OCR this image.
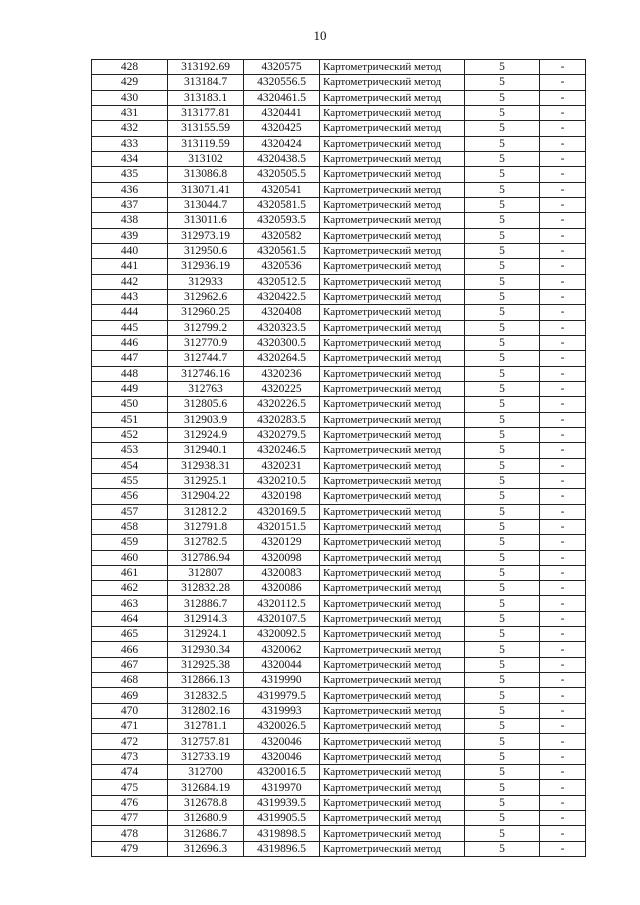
10
428	313192.69	4320575	Картометрический метод	5	-
429	313184.7	4320556.5	Картометрический метод	5	-
430	313183.1	4320461.5	Картометрический метод	5	-
431	313177.81	4320441	Картометрический метод	5	-
432	313155.59	4320425	Картометрический метод	5	-
433	313119.59	4320424	Картометрический метод	5	-
434	313102	4320438.5	Картометрический метод	5	-
435	313086.8	4320505.5	Картометрический метод	5	-
436	313071.41	4320541	Картометрический метод	5	-
437	313044.7	4320581.5	Картометрический метод	5	-
438	313011.6	4320593.5	Картометрический метод	5	-
439	312973.19	4320582	Картометрический метод	5	-
440	312950.6	4320561.5	Картометрический метод	5	-
441	312936.19	4320536	Картометрический метод	5	-
442	312933	4320512.5	Картометрический метод	5	-
443	312962.6	4320422.5	Картометрический метод	5	-
444	312960.25	4320408	Картометрический метод	5	-
445	312799.2	4320323.5	Картометрический метод	5	-
446	312770.9	4320300.5	Картометрический метод	5	-
447	312744.7	4320264.5	Картометрический метод	5	-
448	312746.16	4320236	Картометрический метод	5	-
449	312763	4320225	Картометрический метод	5	-
450	312805.6	4320226.5	Картометрический метод	5	-
451	312903.9	4320283.5	Картометрический метод	5	-
452	312924.9	4320279.5	Картометрический метод	5	-
453	312940.1	4320246.5	Картометрический метод	5	-
454	312938.31	4320231	Картометрический метод	5	-
455	312925.1	4320210.5	Картометрический метод	5	-
456	312904.22	4320198	Картометрический метод	5	-
457	312812.2	4320169.5	Картометрический метод	5	-
458	312791.8	4320151.5	Картометрический метод	5	-
459	312782.5	4320129	Картометрический метод	5	-
460	312786.94	4320098	Картометрический метод	5	-
461	312807	4320083	Картометрический метод	5	-
462	312832.28	4320086	Картометрический метод	5	-
463	312886.7	4320112.5	Картометрический метод	5	-
464	312914.3	4320107.5	Картометрический метод	5	-
465	312924.1	4320092.5	Картометрический метод	5	-
466	312930.34	4320062	Картометрический метод	5	-
467	312925.38	4320044	Картометрический метод	5	-
468	312866.13	4319990	Картометрический метод	5	-
469	312832.5	4319979.5	Картометрический метод	5	-
470	312802.16	4319993	Картометрический метод	5	-
471	312781.1	4320026.5	Картометрический метод	5	-
472	312757.81	4320046	Картометрический метод	5	-
473	312733.19	4320046	Картометрический метод	5	-
474	312700	4320016.5	Картометрический метод	5	-
475	312684.19	4319970	Картометрический метод	5	-
476	312678.8	4319939.5	Картометрический метод	5	-
477	312680.9	4319905.5	Картометрический метод	5	-
478	312686.7	4319898.5	Картометрический метод	5	-
479	312696.3	4319896.5	Картометрический метод	5	-
